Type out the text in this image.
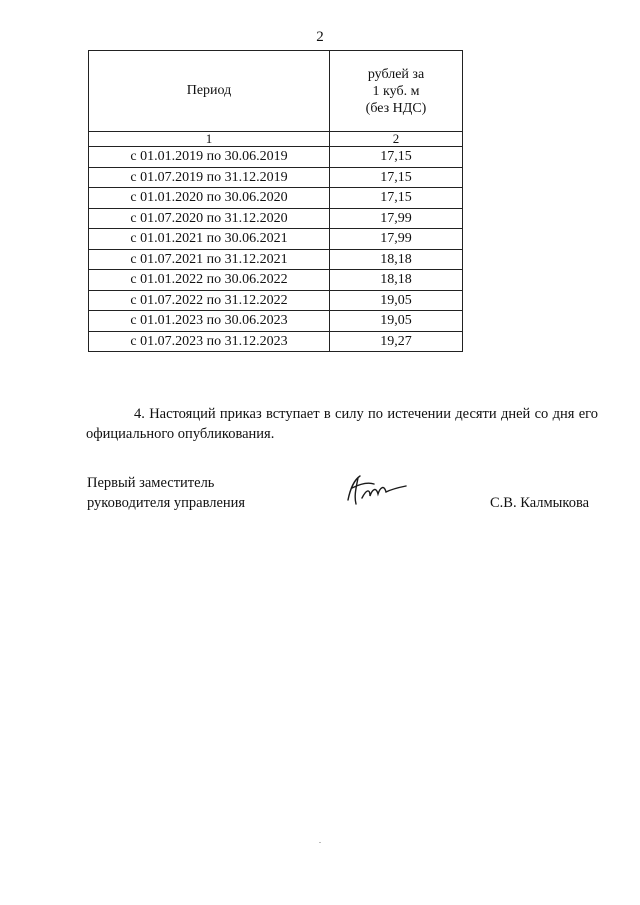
2
Период	рублей за
1 куб. м
(без НДС)

1	2
с 01.01.2019 по 30.06.2019	17,15
с 01.07.2019 по 31.12.2019	17,15
с 01.01.2020 по 30.06.2020	17,15
с 01.07.2020 по 31.12.2020	17,99
с 01.01.2021 по 30.06.2021	17,99
с 01.07.2021 по 31.12.2021	18,18
с 01.01.2022 по 30.06.2022	18,18
с 01.07.2022 по 31.12.2022	19,05
с 01.01.2023 по 30.06.2023	19,05
с 01.07.2023 по 31.12.2023	19,27
4. Настояций приказ вступает в силу по истечении десяти дней со дня его официального опубликования.
Первый заместитель
руководителя управления	С.В. Калмыкова
